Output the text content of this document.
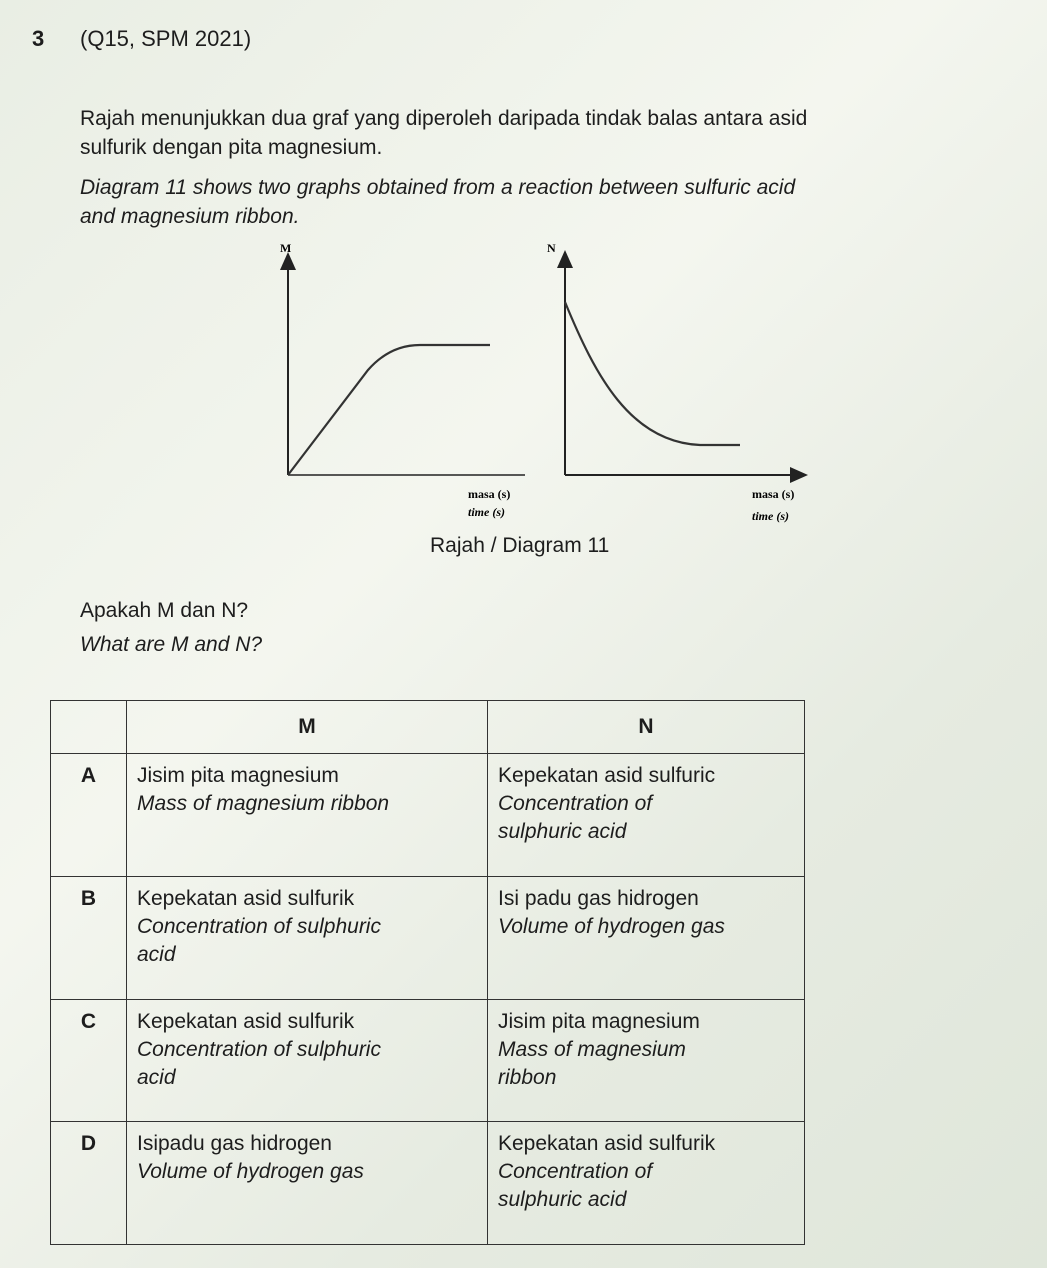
3 (Q15, SPM 2021)

Rajah menunjukkan dua graf yang diperoleh daripada tindak balas antara asid

sulfurik dengan pita magnesium.

Diagram 11 shows two graphs obtained from a reaction between sulfuric acid

and magnesium ribbon.

M
masa (s)
time (s)
N
masa (s)
time (s)
Rajah / Diagram 11

Apakah M dan N?

What are M and N?

	M	N
A	Jisim pita magnesium
Mass of magnesium ribbon	Kepekatan asid sulfuric
Concentration of
sulphuric acid

B	Kepekatan asid sulfurik
Concentration of sulphuric
acid	Isi padu gas hidrogen
Volume of hydrogen gas

C	Kepekatan asid sulfurik
Concentration of sulphuric
acid	Jisim pita magnesium
Mass of magnesium
ribbon

D	Isipadu gas hidrogen
Volume of hydrogen gas	Kepekatan asid sulfurik
Concentration of
sulphuric acid
